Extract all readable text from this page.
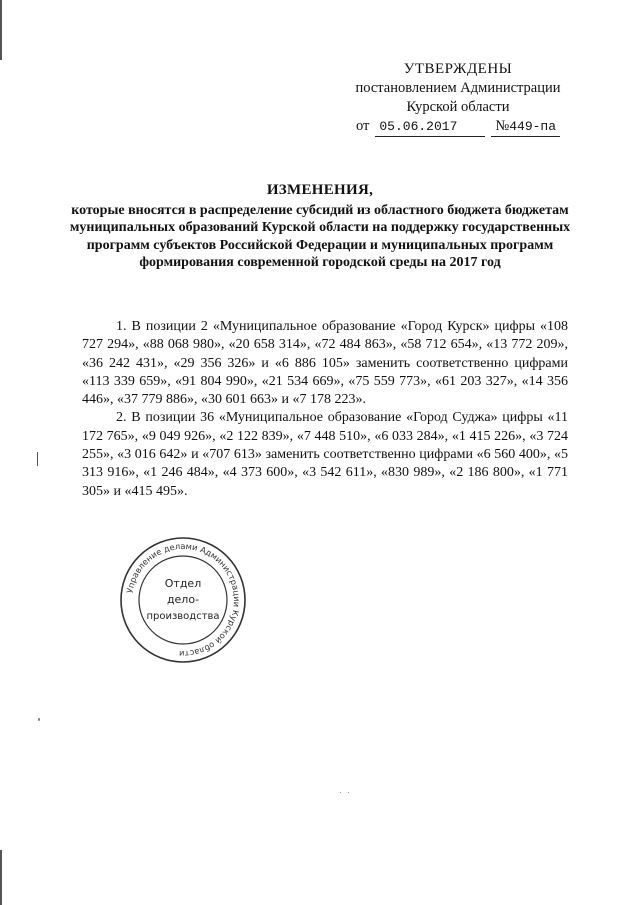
УТВЕРЖДЕНЫ
постановлением Администрации
Курской области
от 05.06.2017	№449-па
ИЗМЕНЕНИЯ,
которые вносятся в распределение субсидий из областного бюджета бюджетам муниципальных образований Курской области на поддержку государственных программ субъектов Российской Федерации и муниципальных программ формирования современной городской среды на 2017 год

1. В позиции 2 «Муниципальное образование «Город Курск» цифры «108 727 294», «88 068 980», «20 658 314», «72 484 863», «58 712 654», «13 772 209», «36 242 431», «29 356 326» и «6 886 105» заменить соответственно цифрами «113 339 659», «91 804 990», «21 534 669», «75 559 773», «61 203 327», «14 356 446», «37 779 886», «30 601 663» и «7 178 223».

2. В позиции 36 «Муниципальное образование «Город Суджа» цифры «11 172 765», «9 049 926», «2 122 839», «7 448 510», «6 033 284», «1 415 226», «3 724 255», «3 016 642» и «707 613» заменить соответственно цифрами «6 560 400», «5 313 916», «1 246 484», «4 373 600», «3 542 611», «830 989», «2 186 800», «1 771 305» и «415 495».

Управление делами Администрации Курской области
Отдел
дело-
производства
